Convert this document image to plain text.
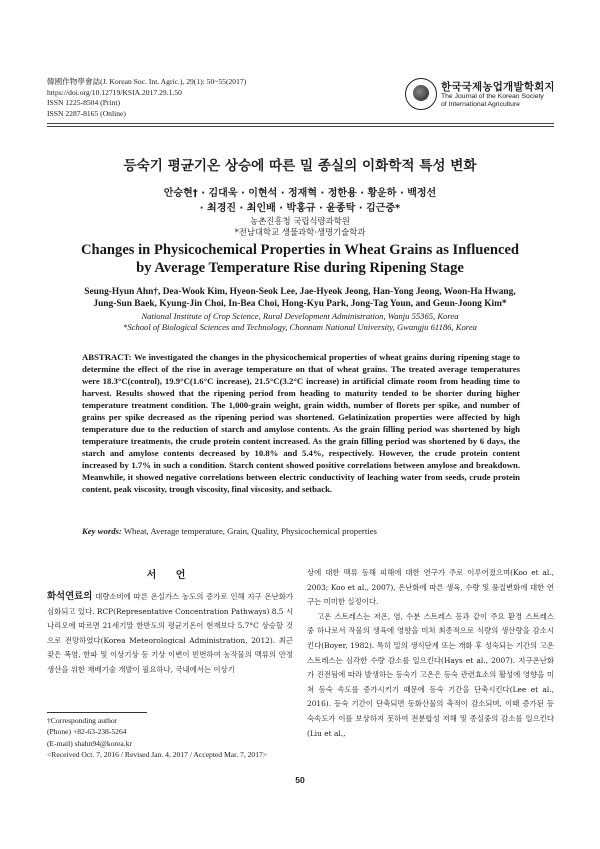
韓國作物學會誌(J. Korean Soc. Int. Agric.), 29(1): 50~55(2017)
https://doi.org/10.12719/KSIA.2017.29.1.50
ISSN 1225-8504 (Print)
ISSN 2287-8165 (Online)
한국국제농업개발학회지
The Journal of the Korean Society
of International Agriculture
등숙기 평균기온 상승에 따른 밀 종실의 이화학적 특성 변화
안승현† · 김대욱 · 이현석 · 정재혁 · 정한용 · 황운하 · 백정선
· 최경진 · 최인배 · 박홍규 · 윤종탁 · 김근중*
농촌진흥청 국립식량과학원
*전남대학교 생물과학·생명기술학과
Changes in Physicochemical Properties in Wheat Grains as Influenced
by Average Temperature Rise during Ripening Stage
Seung-Hyun Ahn†, Dea-Wook Kim, Hyeon-Seok Lee, Jae-Hyeok Jeong, Han-Yong Jeong, Woon-Ha Hwang,
Jung-Sun Baek, Kyung-Jin Choi, In-Bea Choi, Hong-Kyu Park, Jong-Tag Youn, and Geun-Joong Kim*
National Institute of Crop Science, Rural Development Administration, Wanju 55365, Korea
*School of Biological Sciences and Technology, Chonnam National University, Gwangju 61186, Korea

ABSTRACT: We investigated the changes in the physicochemical properties of wheat grains during ripening stage to determine the effect of the rise in average temperature on that of wheat grains. The treated average temperatures were 18.3°C(control), 19.9°C(1.6°C increase), 21.5°C(3.2°C increase) in artificial climate room from heading time to harvest. Results showed that the ripening period from heading to maturity tended to be shorter during higher temperature treatment condition. The 1,000-grain weight, grain width, number of florets per spike, and number of grains per spike decreased as the ripening period was shortened. Gelatinization properties were affected by high temperature due to the reduction of starch and amylose contents. As the grain filling period was shortened by high temperature treatments, the crude protein content increased. As the grain filling period was shortened by 6 days, the starch and amylose contents decreased by 10.8% and 5.4%, respectively. However, the crude protein content increased by 1.7% in such a condition. Starch content showed positive correlations between amylose and breakdown. Meanwhile, it showed negative correlations between electric conductivity of leaching water from seeds, crude protein content, peak viscosity, trough viscosity, final viscosity, and setback.

Key words: Wheat, Average temperature, Grain, Quality, Physicochemical properties
서 언

화석연료의 대량소비에 따른 온실가스 농도의 증가로 인해 지구 온난화가 심화되고 있다. RCP(Representative Concentration Pathways) 8.5 시나리오에 따르면 21세기말 한반도의 평균기온이 현재보다 5.7°C 상승할 것으로 전망하였다(Korea Meteorological Administration, 2012). 최근 잦은 폭염, 한파 및 이상기상 등 기상 이변이 빈번하여 농작물의 맥류의 안정생산을 위한 재배기술 개발이 필요하나, 국내에서는 이상기

상에 대한 맥류 동해 피해에 대한 연구가 주로 이루어졌으며(Koo et al., 2003; Koo et al., 2007), 온난화에 따른 생육, 수량 및 품질변화에 대한 연구는 미미한 실정이다.

고온 스트레스는 저온, 염, 수분 스트레스 등과 같이 주요 환경 스트레스 중 하나로서 작물의 생육에 영향을 미쳐 최종적으로 식량의 생산량을 감소시킨다(Boyer, 1982). 특히 밀의 생식단계 또는 개화 후 성숙되는 기간의 고온 스트레스는 심각한 수량 감소를 일으킨다(Hays et al., 2007). 지구온난화가 진전됨에 따라 발생하는 등숙기 고온은 등숙 관련효소의 활성에 영향을 미쳐 등숙 속도를 증가시키기 때문에 등숙 기간을 단축시킨다(Lee et al., 2016). 등숙 기간이 단축되면 동화산물의 축적이 감소되며, 이때 증가된 등숙속도가 이를 보상하지 못하여 전분합성 저해 및 종실중의 감소를 일으킨다(Liu et al.,

†Corresponding author
(Phone) +82-63-238-5264
(E-mail) shahn94@korea.kr
<Received Oct. 7, 2016 / Revised Jan. 4, 2017 / Accepted Mar. 7, 2017>
50
